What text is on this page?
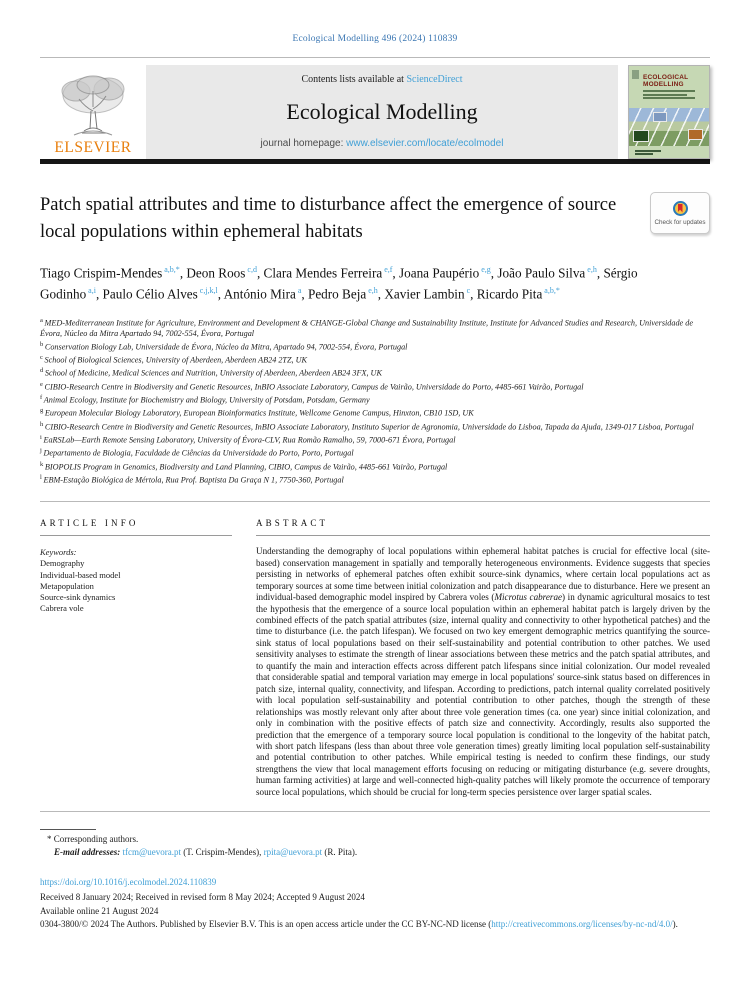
Ecological Modelling 496 (2024) 110839
ELSEVIER
Contents lists available at ScienceDirect
Ecological Modelling
journal homepage: www.elsevier.com/locate/ecolmodel
ECOLOGICAL MODELLING
Patch spatial attributes and time to disturbance affect the emergence of source local populations within ephemeral habitats	Check for updates
Tiago Crispim-Mendes $^{a,b,*}$, Deon Roos $^{c,d}$, Clara Mendes Ferreira $^{e,f}$, Joana Paupério $^{e,g}$, João Paulo Silva $^{e,h}$, Sérgio Godinho $^{a,i}$, Paulo Célio Alves $^{c,j,k,l}$, António Mira $^a$, Pedro Beja $^{e,h}$, Xavier Lambin $^c$, Ricardo Pita $^{a,b,*}$
$^a$ MED-Mediterranean Institute for Agriculture, Environment and Development & CHANGE-Global Change and Sustainability Institute, Institute for Advanced Studies and Research, Universidade de Évora, Núcleo da Mitra Apartado 94, 7002-554, Évora, Portugal
$^b$ Conservation Biology Lab, Universidade de Évora, Núcleo da Mitra, Apartado 94, 7002-554, Évora, Portugal
$^c$ School of Biological Sciences, University of Aberdeen, Aberdeen AB24 2TZ, UK
$^d$ School of Medicine, Medical Sciences and Nutrition, University of Aberdeen, Aberdeen AB24 3FX, UK
$^e$ CIBIO-Research Centre in Biodiversity and Genetic Resources, InBIO Associate Laboratory, Campus de Vairão, Universidade do Porto, 4485-661 Vairão, Portugal
$^f$ Animal Ecology, Institute for Biochemistry and Biology, University of Potsdam, Potsdam, Germany
$^g$ European Molecular Biology Laboratory, European Bioinformatics Institute, Wellcome Genome Campus, Hinxton, CB10 1SD, UK
$^h$ CIBIO-Research Centre in Biodiversity and Genetic Resources, InBIO Associate Laboratory, Instituto Superior de Agronomia, Universidade do Lisboa, Tapada da Ajuda, 1349-017 Lisboa, Portugal
$^i$ EaRSLab—Earth Remote Sensing Laboratory, University of Évora-CLV, Rua Romão Ramalho, 59, 7000-671 Évora, Portugal
$^j$ Departamento de Biologia, Faculdade de Ciências da Universidade do Porto, Porto, Portugal
$^k$ BIOPOLIS Program in Genomics, Biodiversity and Land Planning, CIBIO, Campus de Vairão, 4485-661 Vairão, Portugal
$^l$ EBM-Estação Biológica de Mértola, Rua Prof. Baptista Da Graça N 1, 7750-360, Portugal
ARTICLE INFO
Keywords:
Demography
Individual-based model
Metapopulation
Source-sink dynamics
Cabrera vole
ABSTRACT
Understanding the demography of local populations within ephemeral habitat patches is crucial for effective local (site-based) conservation management in spatially and temporally heterogeneous environments. Evidence suggests that species persisting in networks of ephemeral patches often exhibit source-sink dynamics, where certain local populations act as temporary sources at some time between initial colonization and patch disappearance due to disturbance. Here we present an individual-based demographic model inspired by Cabrera voles (Microtus cabrerae) in dynamic agricultural mosaics to test the hypothesis that the emergence of a source local population within an ephemeral habitat patch is largely driven by the combined effects of the patch spatial attributes (size, internal quality and connectivity to other hypothetical patches) and the time to disturbance (i.e. the patch lifespan). We focused on two key emergent demographic metrics quantifying the source-sink status of local populations based on their self-sustainability and potential contribution to other patches. We used sensitivity analyses to estimate the strength of linear associations between these metrics and the patch spatial attributes, and to quantify the main and interaction effects across different patch lifespans since initial colonization. Our model revealed that considerable spatial and temporal variation may emerge in local populations' source-sink status based on differences in patch size, internal quality, connectivity, and lifespan. According to predictions, patch internal quality correlated positively with local population self-sustainability and potential contribution to other patches, though the strength of these relationships was mostly relevant only after about three vole generation times (ca. one year) since initial colonization, and only in combination with the positive effects of patch size and connectivity. Accordingly, results also supported the prediction that the emergence of a temporary source local population is conditional to the longevity of the habitat patch, with short patch lifespans (less than about three vole generation times) greatly limiting local population self-sustainability and potential contribution to other patches. While empirical testing is needed to confirm these findings, our study strengthens the view that local management efforts focusing on reducing or mitigating disturbance (e.g. severe droughts, human farming activities) at large and well-connected high-quality patches will likely promote the occurrence of temporary source local populations, which should be crucial for long-term species persistence over larger spatial scales.
* Corresponding authors.
E-mail addresses: tfcm@uevora.pt (T. Crispim-Mendes), rpita@uevora.pt (R. Pita).
https://doi.org/10.1016/j.ecolmodel.2024.110839
Received 8 January 2024; Received in revised form 8 May 2024; Accepted 9 August 2024
Available online 21 August 2024
0304-3800/© 2024 The Authors. Published by Elsevier B.V. This is an open access article under the CC BY-NC-ND license (http://creativecommons.org/licenses/by-nc-nd/4.0/).
